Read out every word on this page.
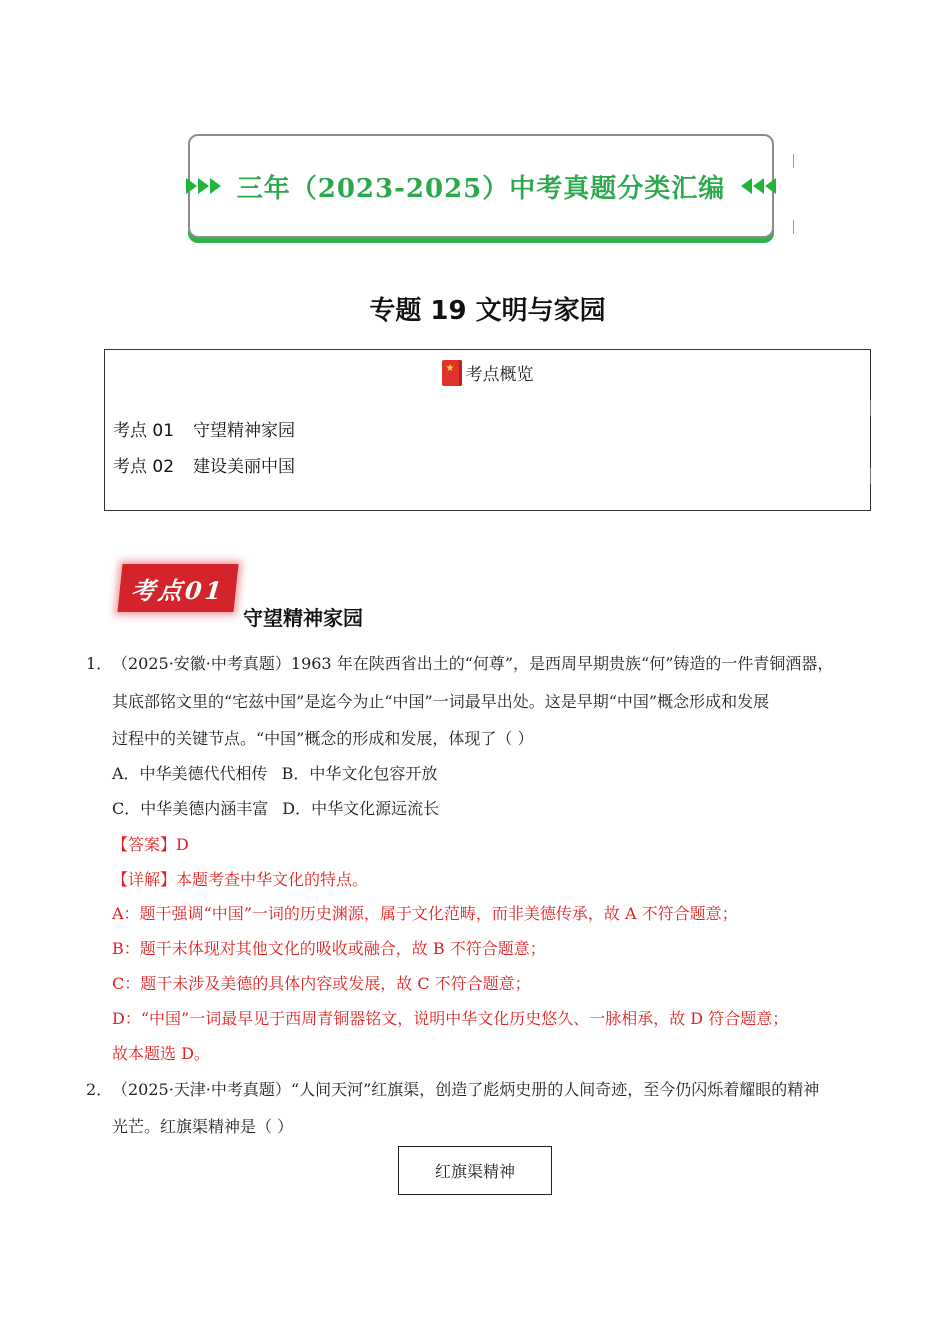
三年（2023-2025）中考真题分类汇编
专题 19 文明与家园
★考点概览
考点 01 守望精神家园
考点 02 建设美丽中国
考点01
守望精神家园
1． （2025·安徽·中考真题）1963 年在陕西省出土的“何尊”，是西周早期贵族“何”铸造的一件青铜酒器，
其底部铭文里的“宅兹中国”是迄今为止“中国”一词最早出处。这是早期“中国”概念形成和发展
过程中的关键节点。“中国”概念的形成和发展，体现了（ ）
A．中华美德代代相传 B．中华文化包容开放
C．中华美德内涵丰富 D．中华文化源远流长
【答案】D
【详解】本题考查中华文化的特点。
A：题干强调“中国”一词的历史渊源，属于文化范畴，而非美德传承，故 A 不符合题意；
B：题干未体现对其他文化的吸收或融合，故 B 不符合题意；
C：题干未涉及美德的具体内容或发展，故 C 不符合题意；
D：“中国”一词最早见于西周青铜器铭文，说明中华文化历史悠久、一脉相承，故 D 符合题意；
故本题选 D。
2． （2025·天津·中考真题）“人间天河”红旗渠，创造了彪炳史册的人间奇迹，至今仍闪烁着耀眼的精神
光芒。红旗渠精神是（ ）
红旗渠精神
